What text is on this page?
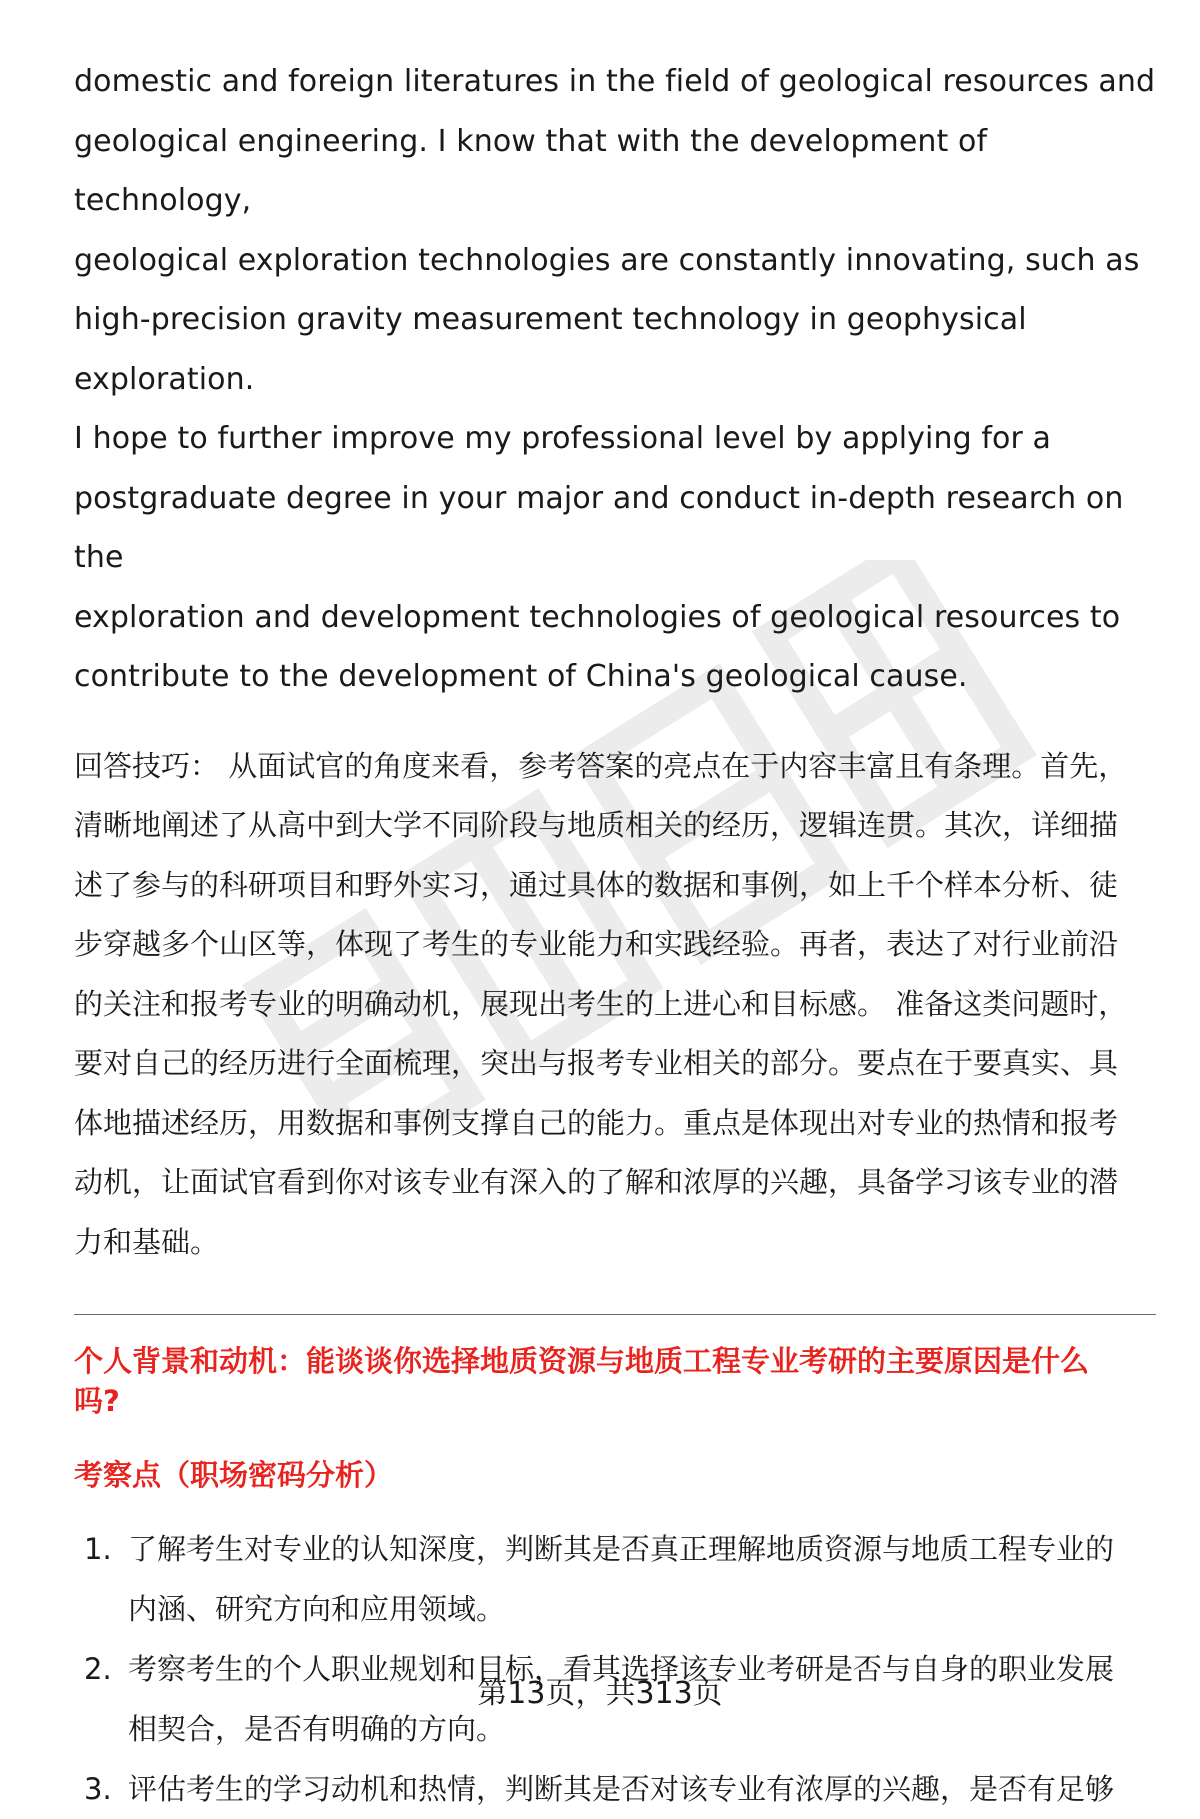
domestic and foreign literatures in the field of geological resources and
geological engineering. I know that with the development of technology,
geological exploration technologies are constantly innovating, such as
high-precision gravity measurement technology in geophysical exploration.
I hope to further improve my professional level by applying for a
postgraduate degree in your major and conduct in-depth research on the
exploration and development technologies of geological resources to
contribute to the development of China's geological cause.

回答技巧： 从面试官的角度来看，参考答案的亮点在于内容丰富且有条理。首先，
清晰地阐述了从高中到大学不同阶段与地质相关的经历，逻辑连贯。其次，详细描
述了参与的科研项目和野外实习，通过具体的数据和事例，如上千个样本分析、徒
步穿越多个山区等，体现了考生的专业能力和实践经验。再者，表达了对行业前沿
的关注和报考专业的明确动机，展现出考生的上进心和目标感。 准备这类问题时，
要对自己的经历进行全面梳理，突出与报考专业相关的部分。要点在于要真实、具
体地描述经历，用数据和事例支撑自己的能力。重点是体现出对专业的热情和报考
动机，让面试官看到你对该专业有深入的了解和浓厚的兴趣，具备学习该专业的潜
力和基础。

个人背景和动机：能谈谈你选择地质资源与地质工程专业考研的主要原因是什么
吗?
考察点（职场密码分析）
1. 了解考生对专业的认知深度，判断其是否真正理解地质资源与地质工程专业的
内涵、研究方向和应用领域。
2. 考察考生的个人职业规划和目标，看其选择该专业考研是否与自身的职业发展
相契合，是否有明确的方向。
3. 评估考生的学习动机和热情，判断其是否对该专业有浓厚的兴趣，是否有足够
第13页，共313页
